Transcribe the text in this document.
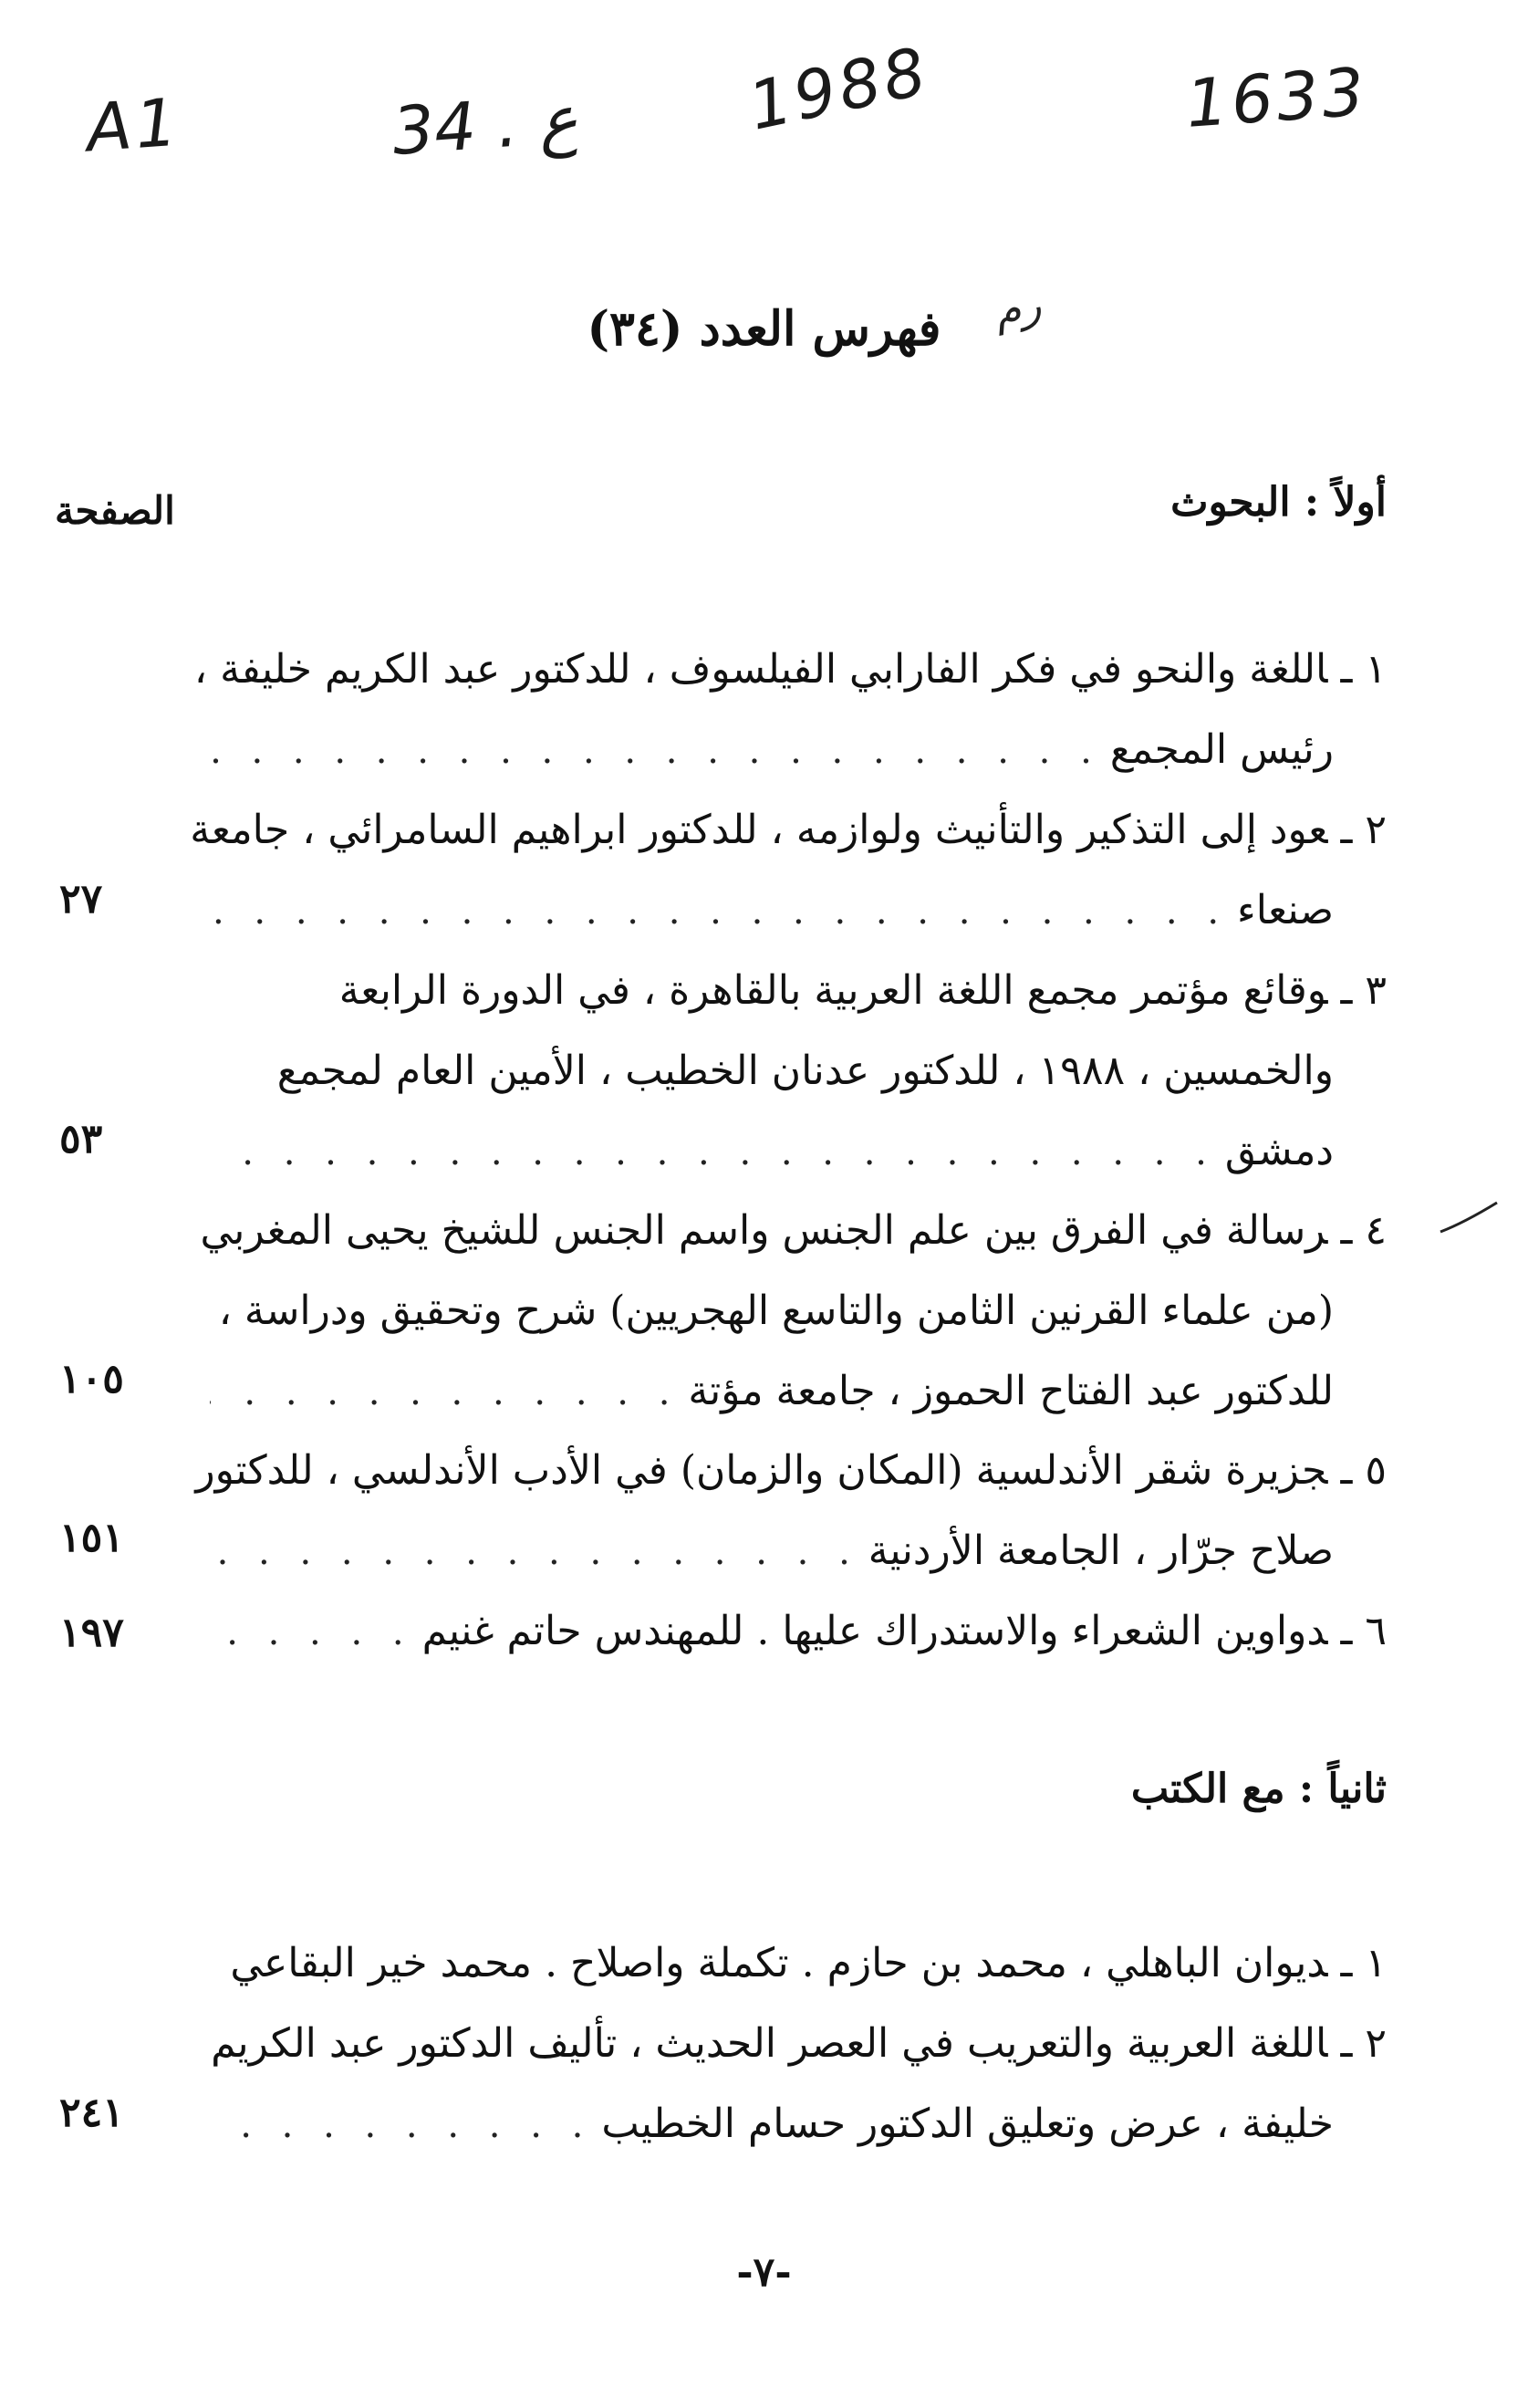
A1	34 . ع 1988	1633
ﺭﻡ
فهرس العدد (٣٤)
أولاً : البحوث
الصفحة
١ ـاللغة والنحو في فكر الفارابي الفيلسوف ، للدكتور عبد الكريم خليفة ،
رئيس المجمع
. . .
٢ ـعود إلى التذكير والتأنيث ولوازمه ، للدكتور ابراهيم السامرائي ، جامعة
صنعاء
. . .
٢٧
٣ ـوقائع مؤتمر مجمع اللغة العربية بالقاهرة ، في الدورة الرابعة
والخمسين ، ١٩٨٨ ، للدكتور عدنان الخطيب ، الأمين العام لمجمع
دمشق
. . .
٥٣
٤ ـرسالة في الفرق بين علم الجنس واسم الجنس للشيخ يحيى المغربي
(من علماء القرنين الثامن والتاسع الهجريين) شرح وتحقيق ودراسة ،
للدكتور عبد الفتاح الحموز ، جامعة مؤتة
. . .
١٠٥
٥ ـجزيرة شقر الأندلسية (المكان والزمان) في الأدب الأندلسي ، للدكتور
صلاح جرّار ، الجامعة الأردنية
. . .
١٥١
٦ ـدواوين الشعراء والاستدراك عليها . للمهندس حاتم غنيم
. . .
١٩٧
ثانياً : مع الكتب
١ ـديوان الباهلي ، محمد بن حازم . تكملة واصلاح . محمد خير البقاعي
٢ ـاللغة العربية والتعريب في العصر الحديث ، تأليف الدكتور عبد الكريم
خليفة ، عرض وتعليق الدكتور حسام الخطيب
. . .
٢٤١
-٧-
